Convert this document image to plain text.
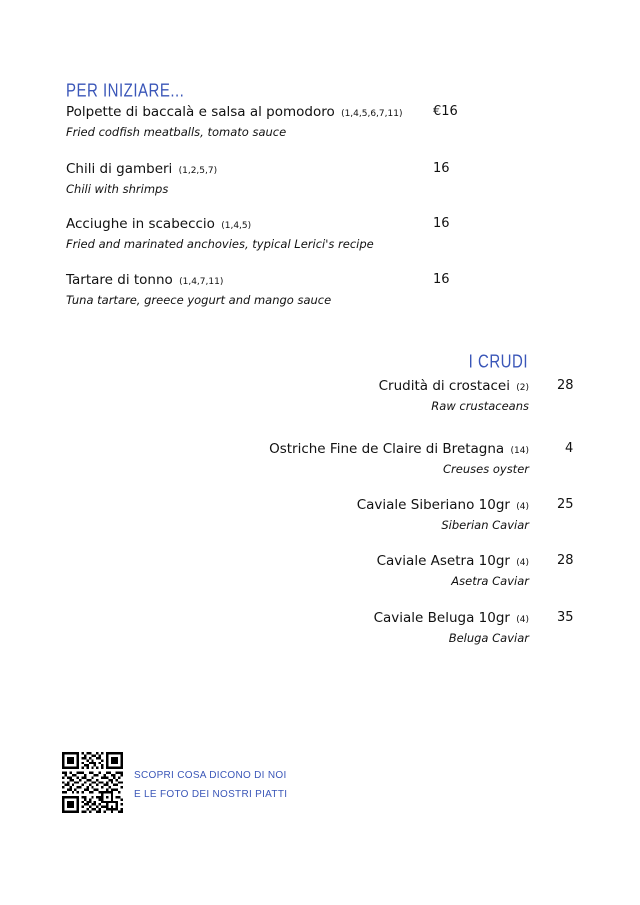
PER INIZIARE...
Polpette di baccalà e salsa al pomodoro (1,4,5,6,7,11)
Fried codfish meatballs, tomato sauce
€16
Chili di gamberi (1,2,5,7)
Chili with shrimps
16
Acciughe in scabeccio (1,4,5)
Fried and marinated anchovies, typical Lerici's recipe
16
Tartare di tonno (1,4,7,11)
Tuna tartare, greece yogurt and mango sauce
16
I CRUDI
Crudità di crostacei (2)
Raw crustaceans
28
Ostriche Fine de Claire di Bretagna (14)
Creuses oyster
4
Caviale Siberiano 10gr (4)
Siberian Caviar
25
Caviale Asetra 10gr (4)
Asetra Caviar
28
Caviale Beluga 10gr (4)
Beluga Caviar
35
SCOPRI COSA DICONO DI NOI
E LE FOTO DEI NOSTRI PIATTI
